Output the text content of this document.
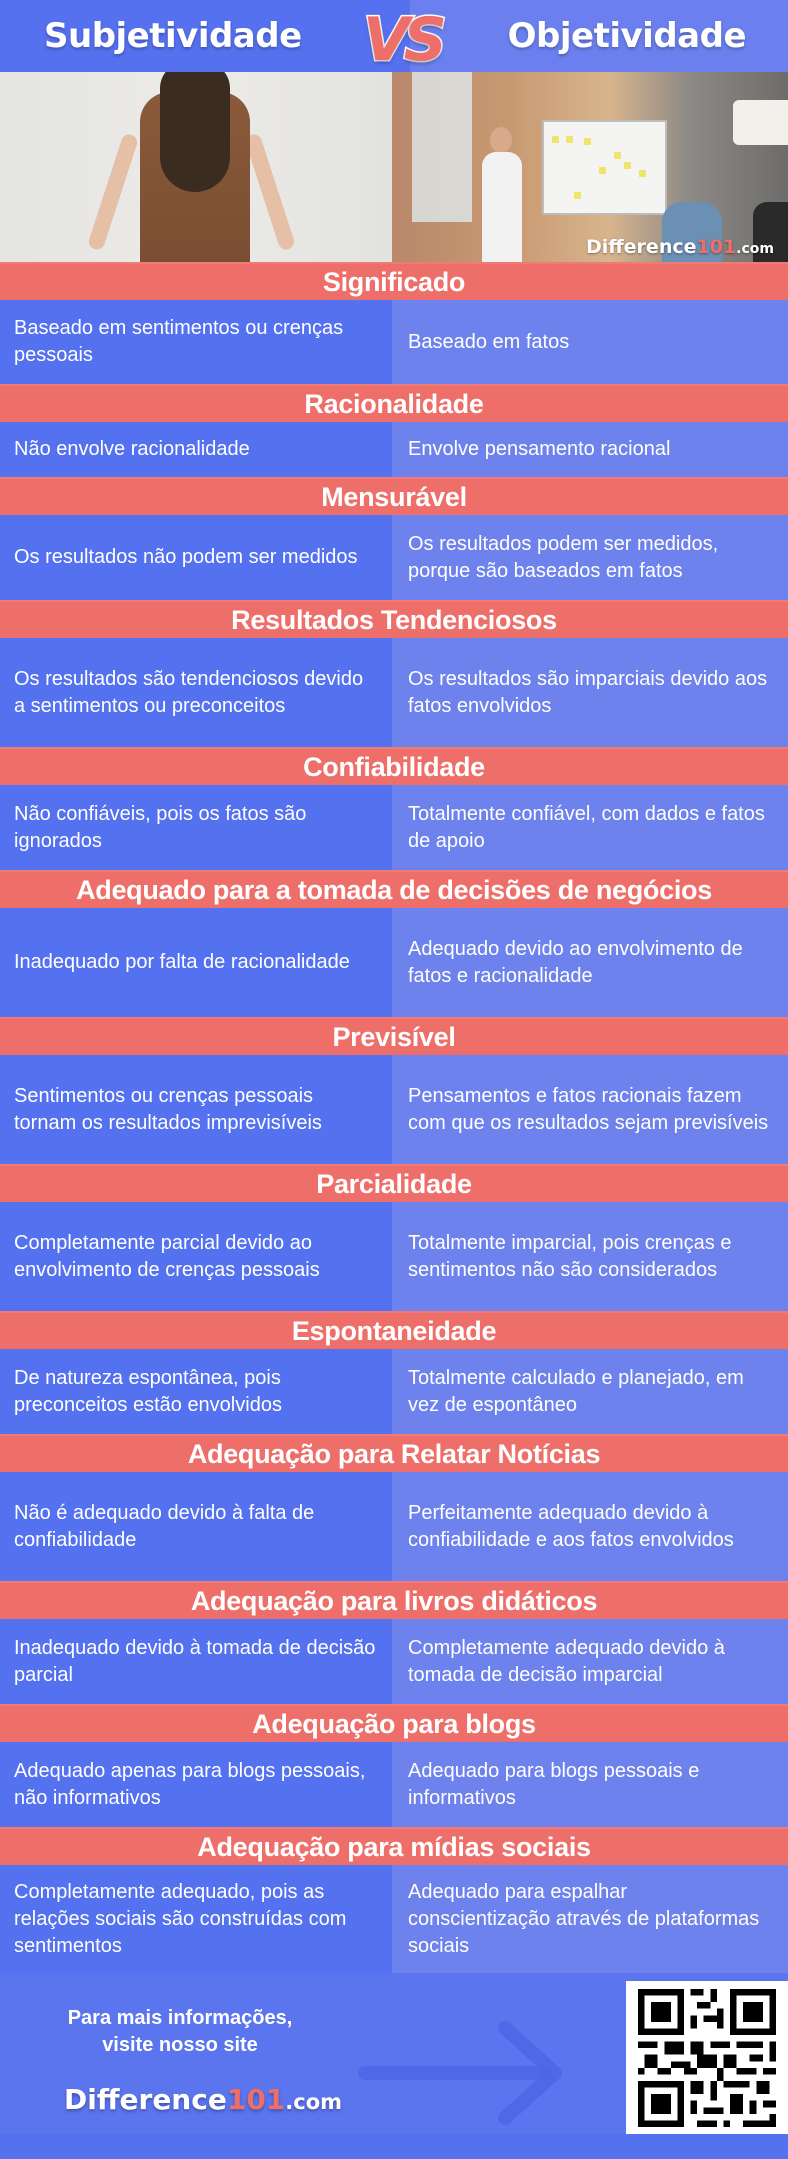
Subjetividade VS Objetividade
Difference101.com
Significado
Baseado em sentimentos ou crenças pessoais
Baseado em fatos
Racionalidade
Não envolve racionalidade	Envolve pensamento racional
Mensurável
Os resultados não podem ser medidos
Os resultados podem ser medidos, porque são baseados em fatos
Resultados Tendenciosos
Os resultados são tendenciosos devido a sentimentos ou preconceitos
Os resultados são imparciais devido aos fatos envolvidos
Confiabilidade
Não confiáveis, pois os fatos são ignorados
Totalmente confiável, com dados e fatos de apoio
Adequado para a tomada de decisões de negócios
Inadequado por falta de racionalidade
Adequado devido ao envolvimento de fatos e racionalidade
Previsível
Sentimentos ou crenças pessoais tornam os resultados imprevisíveis
Pensamentos e fatos racionais fazem com que os resultados sejam previsíveis
Parcialidade
Completamente parcial devido ao envolvimento de crenças pessoais
Totalmente imparcial, pois crenças e sentimentos não são considerados
Espontaneidade
De natureza espontânea, pois preconceitos estão envolvidos
Totalmente calculado e planejado, em vez de espontâneo
Adequação para Relatar Notícias
Não é adequado devido à falta de confiabilidade
Perfeitamente adequado devido à confiabilidade e aos fatos envolvidos
Adequação para livros didáticos
Inadequado devido à tomada de decisão parcial
Completamente adequado devido à tomada de decisão imparcial
Adequação para blogs
Adequado apenas para blogs pessoais, não informativos
Adequado para blogs pessoais e informativos
Adequação para mídias sociais
Completamente adequado, pois as relações sociais são construídas com sentimentos
Adequado para espalhar conscientização através de plataformas sociais
Para mais informações,
visite nosso site
Difference101.com
